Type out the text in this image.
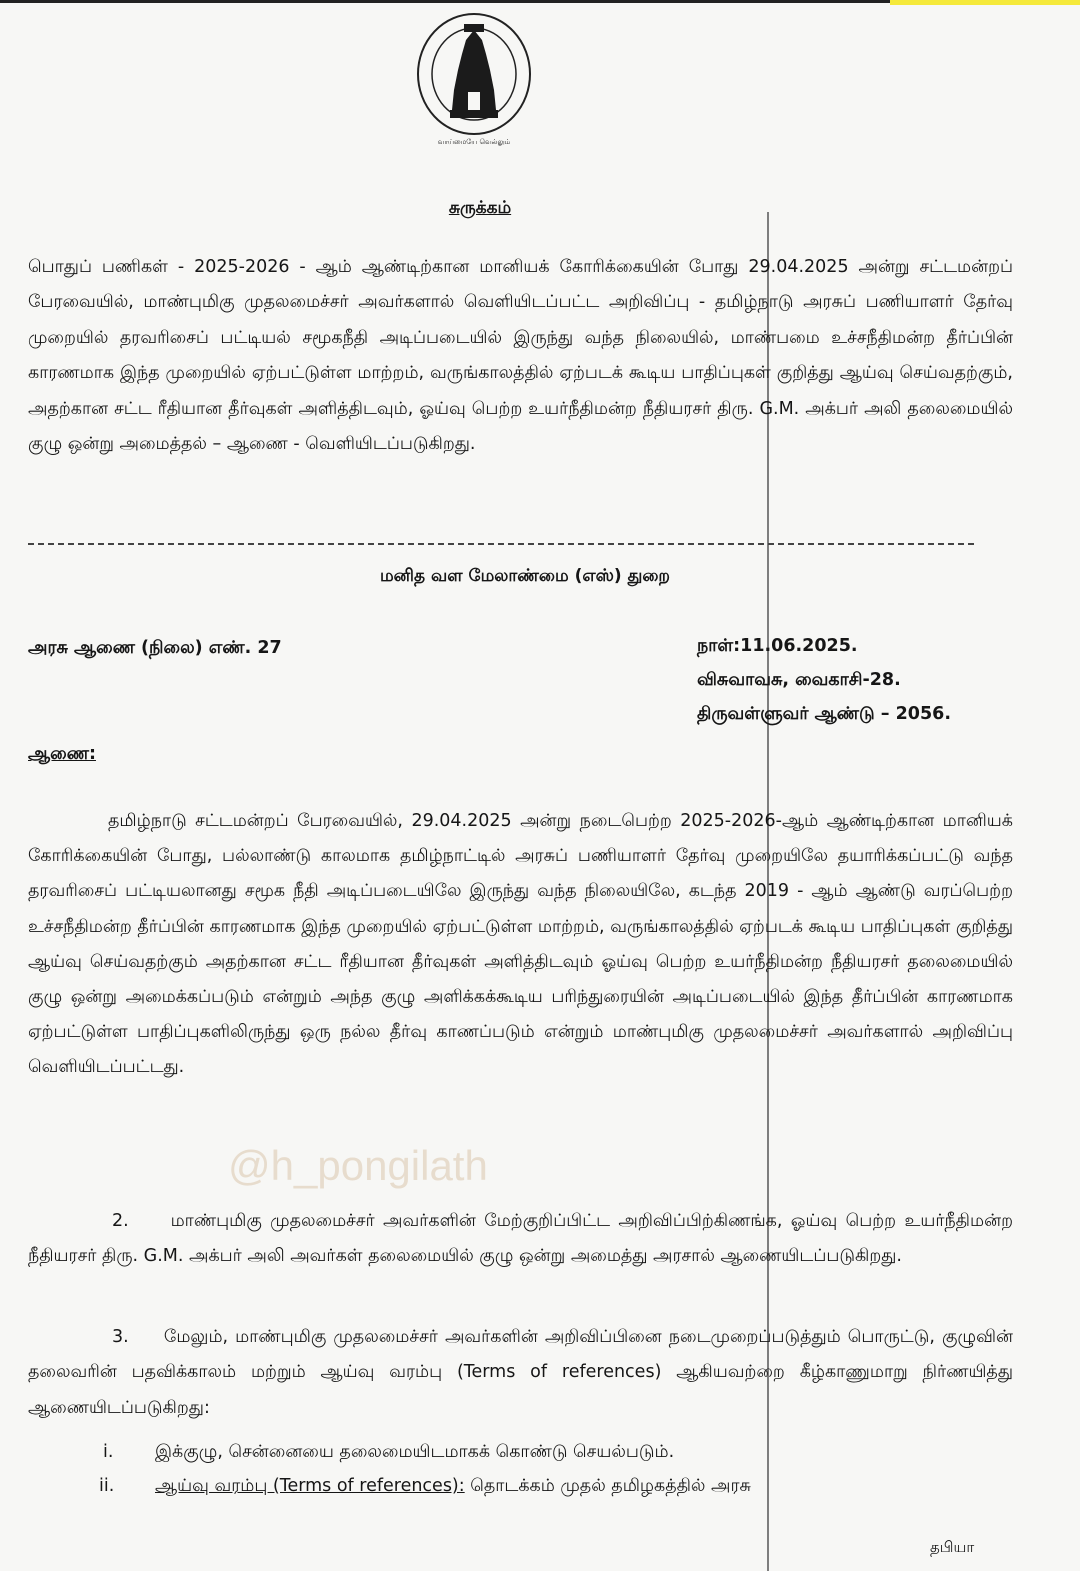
வாய்மையே வெல்லும்
சுருக்கம்

பொதுப் பணிகள் - 2025-2026 - ஆம் ஆண்டிற்கான மானியக் கோரிக்கையின் போது 29.04.2025 அன்று சட்டமன்றப் பேரவையில், மாண்புமிகு முதலமைச்சர் அவர்களால் வெளியிடப்பட்ட அறிவிப்பு - தமிழ்நாடு அரசுப் பணியாளர் தேர்வு முறையில் தரவரிசைப் பட்டியல் சமூகநீதி அடிப்படையில் இருந்து வந்த நிலையில், மாண்பமை உச்சநீதிமன்ற தீர்ப்பின் காரணமாக இந்த முறையில் ஏற்பட்டுள்ள மாற்றம், வருங்காலத்தில் ஏற்படக் கூடிய பாதிப்புகள் குறித்து ஆய்வு செய்வதற்கும், அதற்கான சட்ட ரீதியான தீர்வுகள் அளித்திடவும், ஓய்வு பெற்ற உயர்நீதிமன்ற நீதியரசர் திரு. G.M. அக்பர் அலி தலைமையில் குழு ஒன்று அமைத்தல் – ஆணை - வெளியிடப்படுகிறது.

மனித வள மேலாண்மை (எஸ்) துறை
அரசு ஆணை (நிலை) எண். 27	நாள்:11.06.2025.
விசுவாவசு, வைகாசி-28.
திருவள்ளுவர் ஆண்டு – 2056.
ஆணை:

தமிழ்நாடு சட்டமன்றப் பேரவையில், 29.04.2025 அன்று நடைபெற்ற 2025-2026-ஆம் ஆண்டிற்கான மானியக் கோரிக்கையின் போது, பல்லாண்டு காலமாக தமிழ்நாட்டில் அரசுப் பணியாளர் தேர்வு முறையிலே தயாரிக்கப்பட்டு வந்த தரவரிசைப் பட்டியலானது சமூக நீதி அடிப்படையிலே இருந்து வந்த நிலையிலே, கடந்த 2019 - ஆம் ஆண்டு வரப்பெற்ற உச்சநீதிமன்ற தீர்ப்பின் காரணமாக இந்த முறையில் ஏற்பட்டுள்ள மாற்றம், வருங்காலத்தில் ஏற்படக் கூடிய பாதிப்புகள் குறித்து ஆய்வு செய்வதற்கும் அதற்கான சட்ட ரீதியான தீர்வுகள் அளித்திடவும் ஓய்வு பெற்ற உயர்நீதிமன்ற நீதியரசர் தலைமையில் குழு ஒன்று அமைக்கப்படும் என்றும் அந்த குழு அளிக்கக்கூடிய பரிந்துரையின் அடிப்படையில் இந்த தீர்ப்பின் காரணமாக ஏற்பட்டுள்ள பாதிப்புகளிலிருந்து ஒரு நல்ல தீர்வு காணப்படும் என்றும் மாண்புமிகு முதலமைச்சர் அவர்களால் அறிவிப்பு வெளியிடப்பட்டது.

2. மாண்புமிகு முதலமைச்சர் அவர்களின் மேற்குறிப்பிட்ட அறிவிப்பிற்கிணங்க, ஓய்வு பெற்ற உயர்நீதிமன்ற நீதியரசர் திரு. G.M. அக்பர் அலி அவர்கள் தலைமையில் குழு ஒன்று அமைத்து அரசால் ஆணையிடப்படுகிறது.

3. மேலும், மாண்புமிகு முதலமைச்சர் அவர்களின் அறிவிப்பினை நடைமுறைப்படுத்தும் பொருட்டு, குழுவின் தலைவரின் பதவிக்காலம் மற்றும் ஆய்வு வரம்பு (Terms of references) ஆகியவற்றை கீழ்காணுமாறு நிர்ணயித்து ஆணையிடப்படுகிறது:

i. இக்குழு, சென்னையை தலைமையிடமாகக் கொண்டு செயல்படும்.
ii. ஆய்வு வரம்பு (Terms of references): தொடக்கம் முதல் தமிழகத்தில் அரசு
தபியா
@h_pongilath
